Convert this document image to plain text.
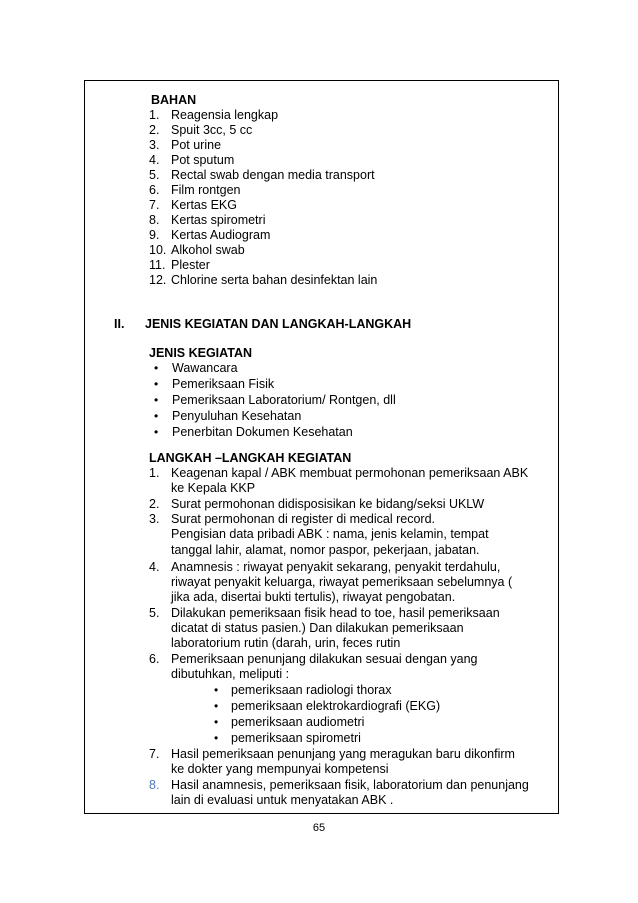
BAHAN
1. Reagensia lengkap
2. Spuit 3cc, 5 cc
3. Pot urine
4. Pot sputum
5. Rectal swab dengan media transport
6. Film rontgen
7. Kertas EKG
8. Kertas spirometri
9. Kertas Audiogram
10. Alkohol swab
11. Plester
12. Chlorine serta bahan desinfektan lain
II. JENIS KEGIATAN DAN LANGKAH-LANGKAH
JENIS KEGIATAN
• Wawancara
• Pemeriksaan Fisik
• Pemeriksaan Laboratorium/ Rontgen, dll
• Penyuluhan Kesehatan
• Penerbitan Dokumen Kesehatan
LANGKAH –LANGKAH KEGIATAN
1. Keagenan kapal / ABK membuat permohonan pemeriksaan ABK
ke Kepala KKP
2. Surat permohonan didisposisikan ke bidang/seksi UKLW
3. Surat permohonan di register di medical record.
Pengisian data pribadi ABK : nama, jenis kelamin, tempat
tanggal lahir, alamat, nomor paspor, pekerjaan, jabatan.
4. Anamnesis : riwayat penyakit sekarang, penyakit terdahulu,
riwayat penyakit keluarga, riwayat pemeriksaan sebelumnya (
jika ada, disertai bukti tertulis), riwayat pengobatan.
5. Dilakukan pemeriksaan fisik head to toe, hasil pemeriksaan
dicatat di status pasien.) Dan dilakukan pemeriksaan
laboratorium rutin (darah, urin, feces rutin
6. Pemeriksaan penunjang dilakukan sesuai dengan yang
dibutuhkan, meliputi :
• pemeriksaan radiologi thorax
• pemeriksaan elektrokardiografi (EKG)
• pemeriksaan audiometri
• pemeriksaan spirometri
7. Hasil pemeriksaan penunjang yang meragukan baru dikonfirm
ke dokter yang mempunyai kompetensi
8. Hasil anamnesis, pemeriksaan fisik, laboratorium dan penunjang
lain di evaluasi untuk menyatakan ABK .
65
